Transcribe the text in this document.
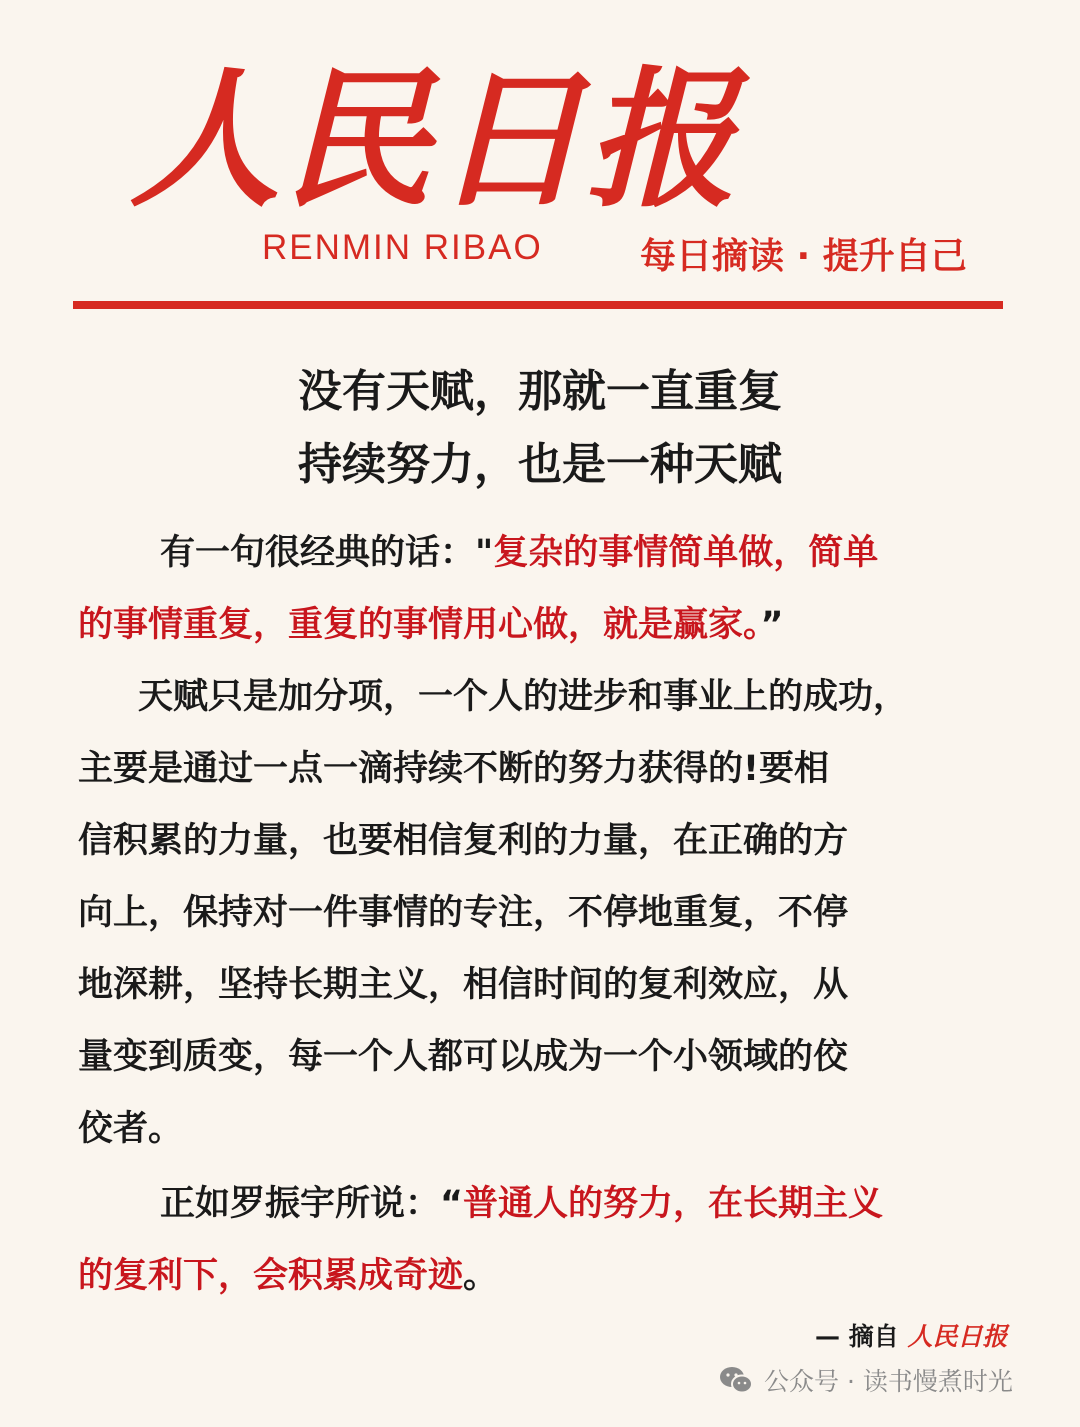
人民日报
RENMIN RIBAO	每日摘读 · 提升自己
没有天赋，那就一直重复
持续努力，也是一种天赋
有一句很经典的话："复杂的事情简单做，简单
的事情重复，重复的事情用心做，就是赢家。”
天赋只是加分项，一个人的进步和事业上的成功，
主要是通过一点一滴持续不断的努力获得的!要相
信积累的力量，也要相信复利的力量，在正确的方
向上，保持对一件事情的专注，不停地重复，不停
地深耕，坚持长期主义，相信时间的复利效应，从
量变到质变，每一个人都可以成为一个小领域的佼
佼者。
正如罗振宇所说：“普通人的努力，在长期主义
的复利下，会积累成奇迹。
— 摘自 人民日报
公众号 · 读书慢煮时光
